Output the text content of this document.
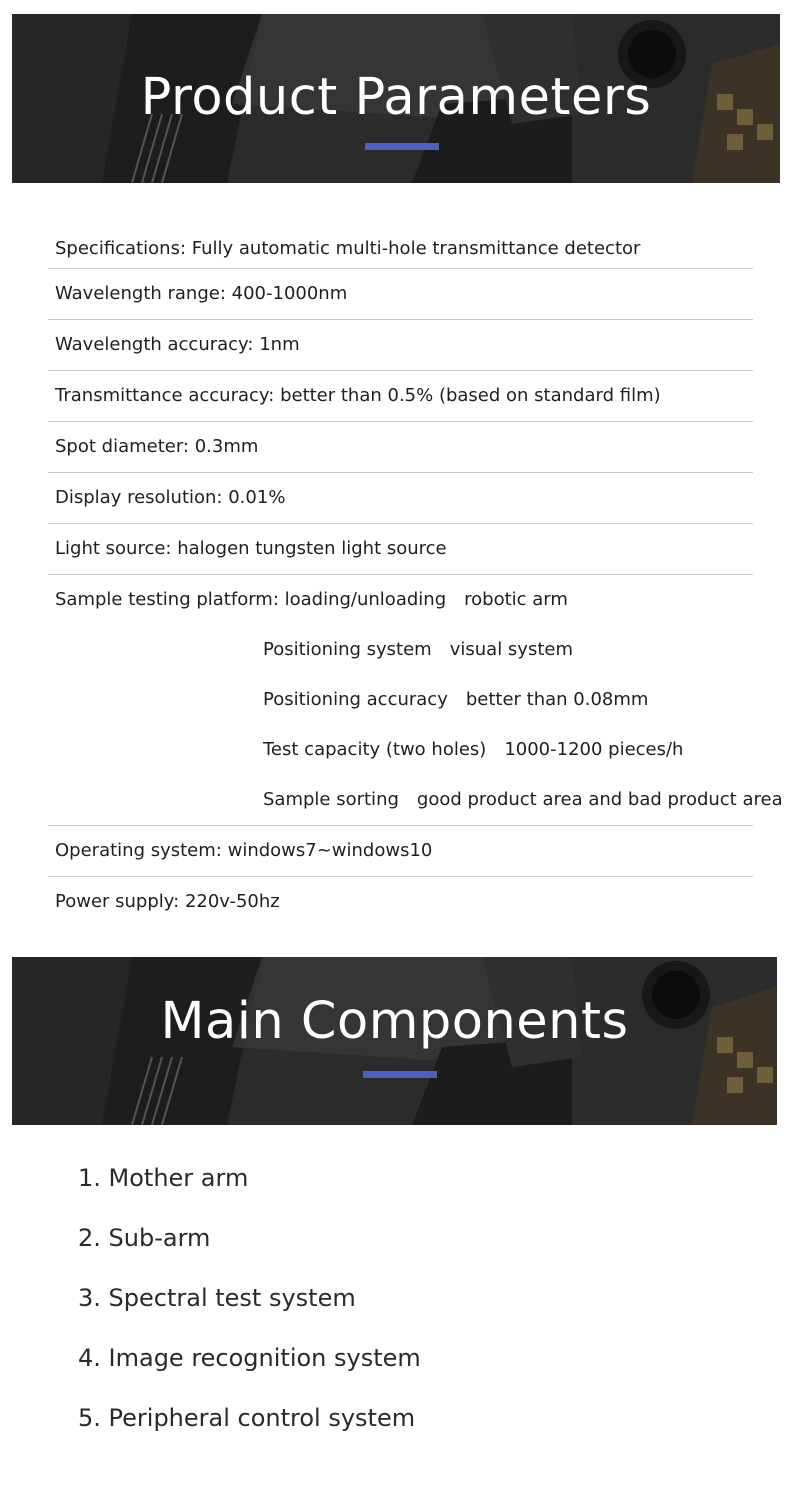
Product Parameters
Specifications: Fully automatic multi-hole transmittance detector
Wavelength range: 400-1000nm
Wavelength accuracy: 1nm
Transmittance accuracy: better than 0.5% (based on standard film)
Spot diameter: 0.3mm
Display resolution: 0.01%
Light source: halogen tungsten light source
Sample testing platform: loading/unloading robotic arm
Positioning system visual system
Positioning accuracy better than 0.08mm
Test capacity (two holes) 1000-1200 pieces/h
Sample sorting good product area and bad product area
Operating system: windows7~windows10
Power supply: 220v-50hz
Main Components
1. Mother arm
2. Sub-arm
3. Spectral test system
4. Image recognition system
5. Peripheral control system
